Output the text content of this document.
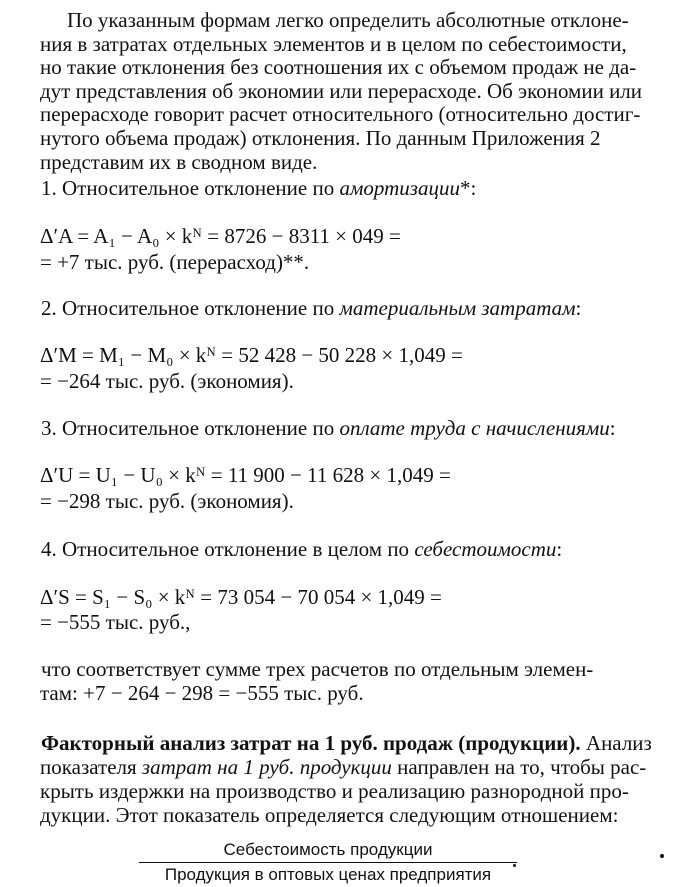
По указанным формам легко определить абсолютные отклоне-
ния в затратах отдельных элементов и в целом по себестоимости,
но такие отклонения без соотношения их с объемом продаж не да-
дут представления об экономии или перерасходе. Об экономии или
перерасходе говорит расчет относительного (относительно достиг-
нутого объема продаж) отклонения. По данным Приложения 2
представим их в сводном виде.
1. Относительное отклонение по амортизации*:
Δ′A = A₁ − A₀ × kᴺ = 8726 − 8311 × 049 =
= +7 тыс. руб. (перерасход)**.
2. Относительное отклонение по материальным затратам:
Δ′M = M₁ − M₀ × kᴺ = 52 428 − 50 228 × 1,049 =
= −264 тыс. руб. (экономия).
3. Относительное отклонение по оплате труда с начислениями:
Δ′U = U₁ − U₀ × kᴺ = 11 900 − 11 628 × 1,049 =
= −298 тыс. руб. (экономия).
4. Относительное отклонение в целом по себестоимости:
Δ′S = S₁ − S₀ × kᴺ = 73 054 − 70 054 × 1,049 =
= −555 тыс. руб.,
что соответствует сумме трех расчетов по отдельным элемен-
там: +7 − 264 − 298 = −555 тыс. руб.
Факторный анализ затрат на 1 руб. продаж (продукции). Анализ
показателя затрат на 1 руб. продукции направлен на то, чтобы рас-
крыть издержки на производство и реализацию разнородной про-
дукции. Этот показатель определяется следующим отношением:
Себестоимость продукции
Продукция в оптовых ценах предприятия
